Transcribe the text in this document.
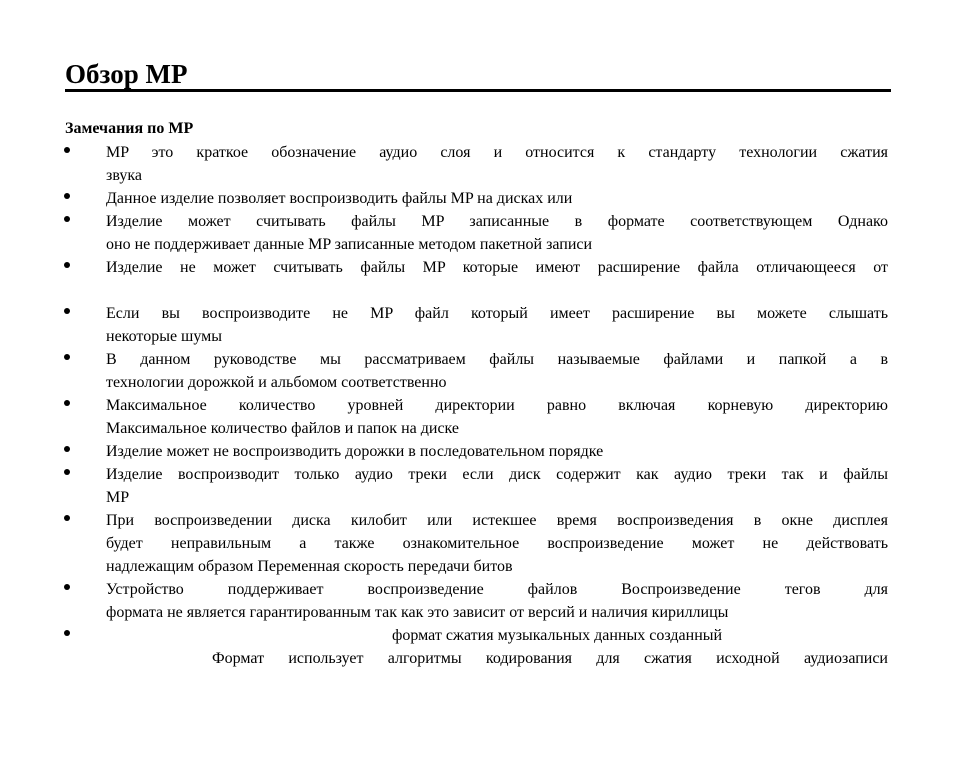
Обзор MP
Замечания по MP
MP это краткое обозначение аудио слоя и относится к стандарту технологии сжатия
звука
Данное изделие позволяет воспроизводить файлы MP на дисках или
Изделие может считывать файлы MP записанные в формате соответствующем Однако
оно не поддерживает данные MP записанные методом пакетной записи
Изделие не может считывать файлы MP которые имеют расширение файла отличающееся от
Если вы воспроизводите не MP файл который имеет расширение вы можете слышать
некоторые шумы
В данном руководстве мы рассматриваем файлы называемые файлами и папкой а в
технологии дорожкой и альбомом соответственно
Максимальное количество уровней директории равно включая корневую директорию
Максимальное количество файлов и папок на диске
Изделие может не воспроизводить дорожки в последовательном порядке
Изделие воспроизводит только аудио треки если диск содержит как аудио треки так и файлы
MP
При воспроизведении диска килобит или истекшее время воспроизведения в окне дисплея
будет неправильным а также ознакомительное воспроизведение может не действовать
надлежащим образом Переменная скорость передачи битов
Устройство поддерживает воспроизведение файлов Воспроизведение тегов для
формата не является гарантированным так как это зависит от версий и наличия кириллицы
формат сжатия музыкальных данных созданный
Формат использует алгоритмы кодирования для сжатия исходной аудиозаписи
